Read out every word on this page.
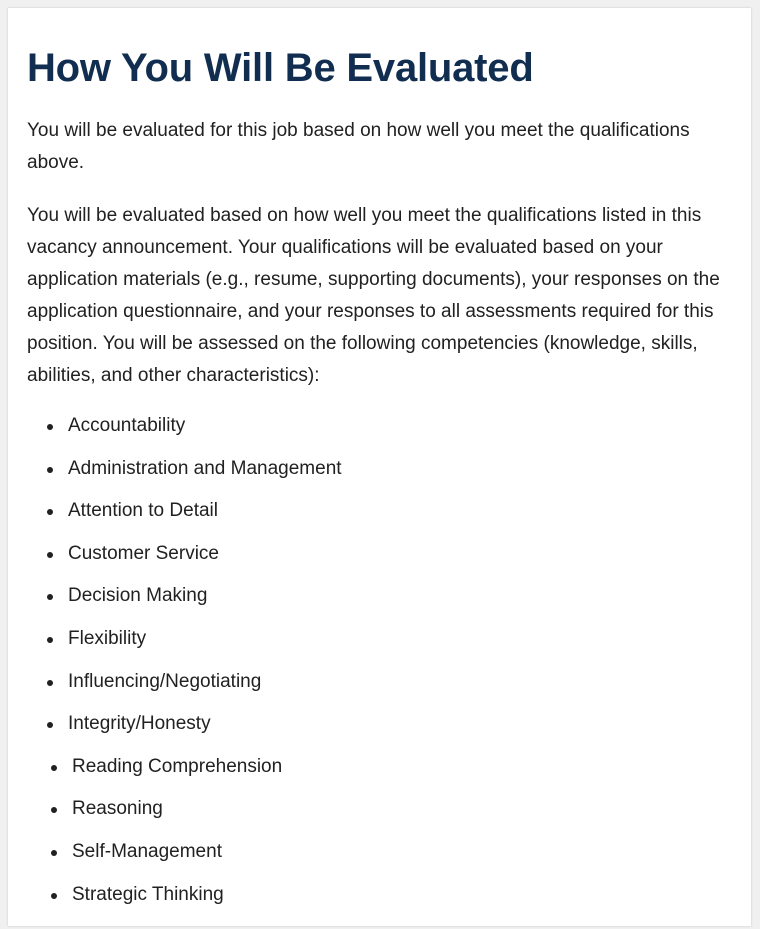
How You Will Be Evaluated

You will be evaluated for this job based on how well you meet the qualifications above.

You will be evaluated based on how well you meet the qualifications listed in this vacancy announcement. Your qualifications will be evaluated based on your application materials (e.g., resume, supporting documents), your responses on the application questionnaire, and your responses to all assessments required for this position. You will be assessed on the following competencies (knowledge, skills, abilities, and other characteristics):

Accountability
Administration and Management
Attention to Detail
Customer Service
Decision Making
Flexibility
Influencing/Negotiating
Integrity/Honesty
Reading Comprehension
Reasoning
Self-Management
Strategic Thinking
